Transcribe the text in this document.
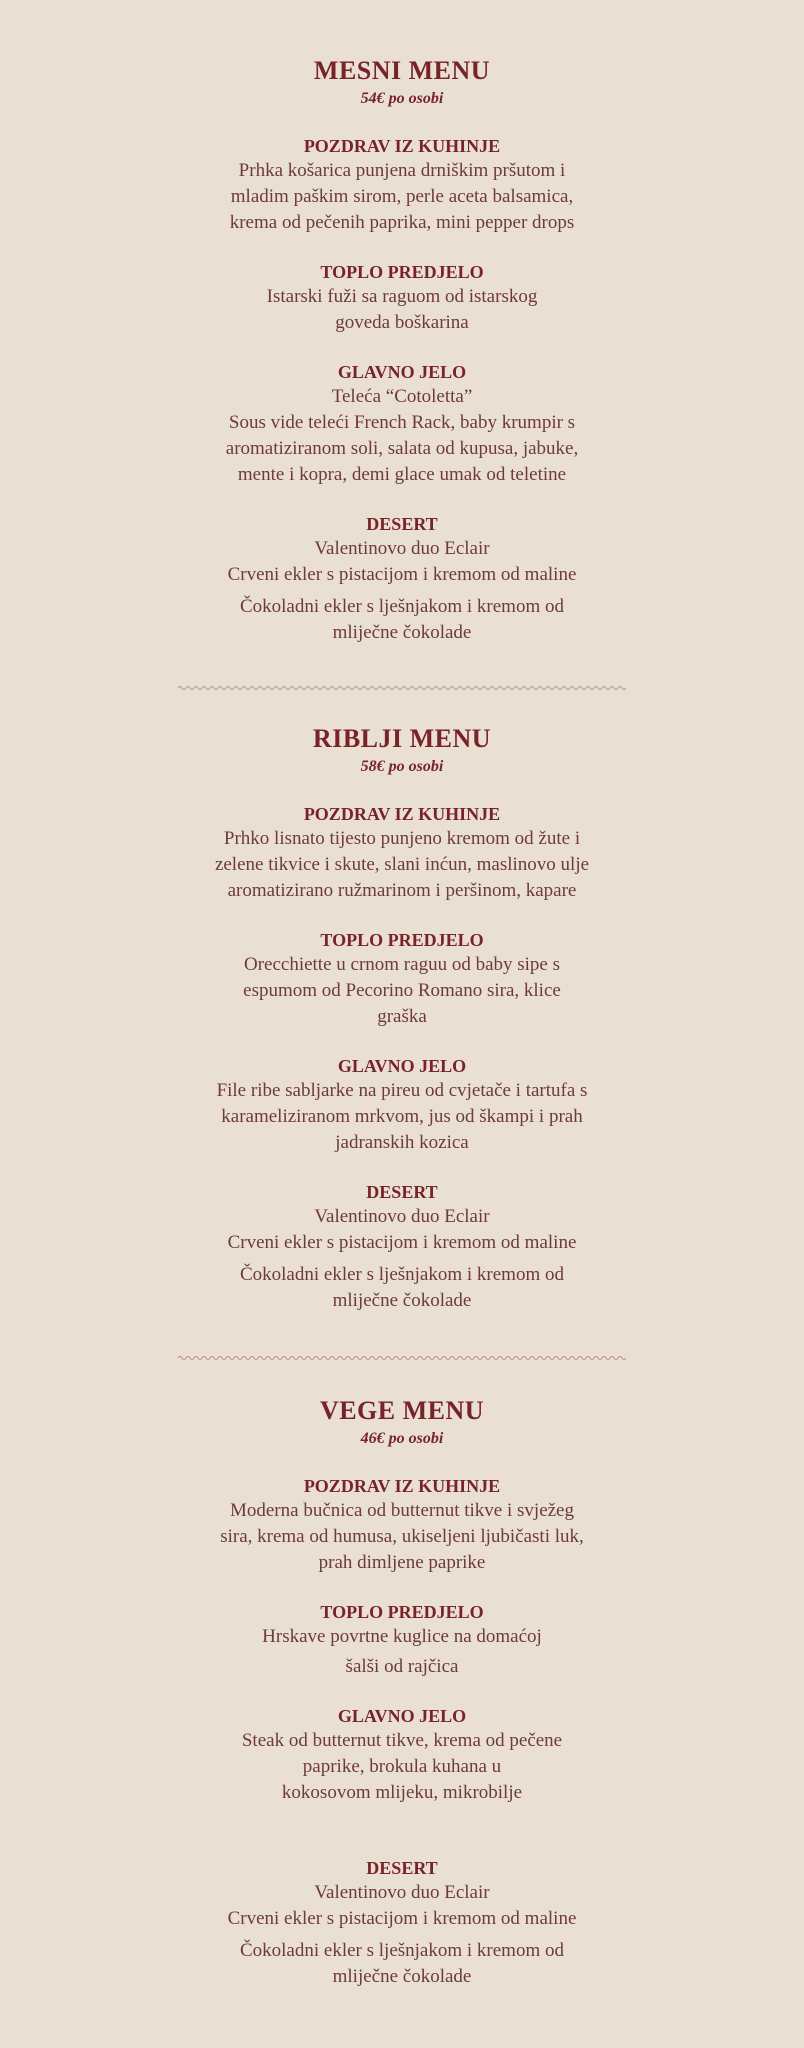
MESNI MENU
54€ po osobi
POZDRAV IZ KUHINJE
Prhka košarica punjena drniškim pršutom i
mladim paškim sirom, perle aceta balsamica,
krema od pečenih paprika, mini pepper drops
TOPLO PREDJELO
Istarski fuži sa raguom od istarskog
goveda boškarina
GLAVNO JELO
Teleća “Cotoletta”
Sous vide teleći French Rack, baby krumpir s
aromatiziranom soli, salata od kupusa, jabuke,
mente i kopra, demi glace umak od teletine
DESERT
Valentinovo duo Eclair
Crveni ekler s pistacijom i kremom od maline
Čokoladni ekler s lješnjakom i kremom od
mliječne čokolade
RIBLJI MENU
58€ po osobi
POZDRAV IZ KUHINJE
Prhko lisnato tijesto punjeno kremom od žute i
zelene tikvice i skute, slani inćun, maslinovo ulje
aromatizirano ružmarinom i peršinom, kapare
TOPLO PREDJELO
Orecchiette u crnom raguu od baby sipe s
espumom od Pecorino Romano sira, klice
graška
GLAVNO JELO
File ribe sabljarke na pireu od cvjetače i tartufa s
karameliziranom mrkvom, jus od škampi i prah
jadranskih kozica
DESERT
Valentinovo duo Eclair
Crveni ekler s pistacijom i kremom od maline
Čokoladni ekler s lješnjakom i kremom od
mliječne čokolade
VEGE MENU
46€ po osobi
POZDRAV IZ KUHINJE
Moderna bučnica od butternut tikve i svježeg
sira, krema od humusa, ukiseljeni ljubičasti luk,
prah dimljene paprike
TOPLO PREDJELO
Hrskave povrtne kuglice na domaćoj
šalši od rajčica
GLAVNO JELO
Steak od butternut tikve, krema od pečene
paprike, brokula kuhana u
kokosovom mlijeku, mikrobilje
DESERT
Valentinovo duo Eclair
Crveni ekler s pistacijom i kremom od maline
Čokoladni ekler s lješnjakom i kremom od
mliječne čokolade
